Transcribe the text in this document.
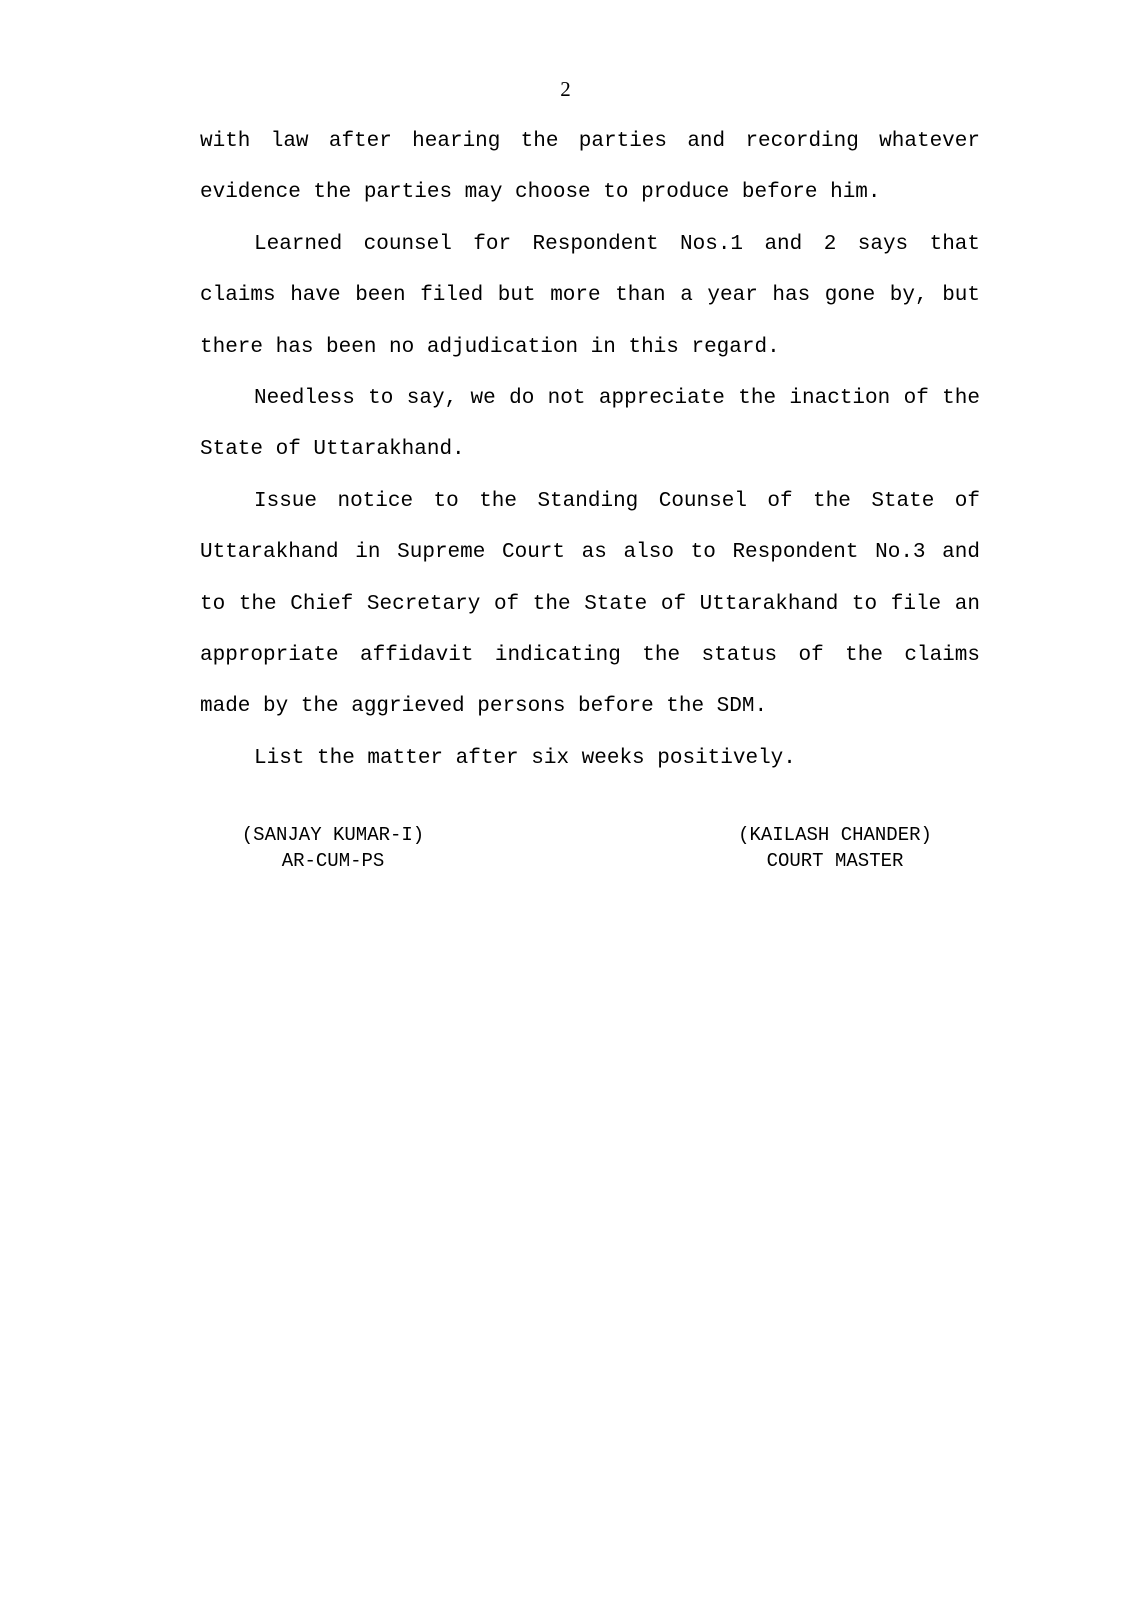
2

with law after hearing the parties and recording whatever evidence the parties may choose to produce before him.

Learned counsel for Respondent Nos.1 and 2 says that claims have been filed but more than a year has gone by, but there has been no adjudication in this regard.

Needless to say, we do not appreciate the inaction of the State of Uttarakhand.

Issue notice to the Standing Counsel of the State of Uttarakhand in Supreme Court as also to Respondent No.3 and to the Chief Secretary of the State of Uttarakhand to file an appropriate affidavit indicating the status of the claims made by the aggrieved persons before the SDM.

List the matter after six weeks positively.

(SANJAY KUMAR-I)
AR-CUM-PS
(KAILASH CHANDER)
COURT MASTER
